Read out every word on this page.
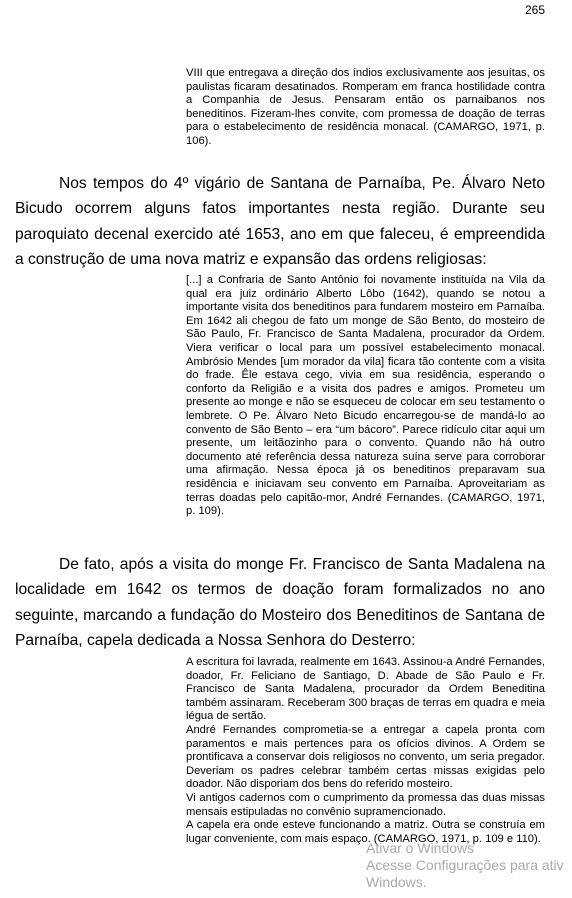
265

VIII que entregava a direção dos índios exclusivamente aos jesuítas, os paulistas ficaram desatinados. Romperam em franca hostilidade contra a Companhia de Jesus. Pensaram então os parnaibanos nos beneditinos. Fizeram-lhes convite, com promessa de doação de terras para o estabelecimento de residência monacal. (CAMARGO, 1971, p. 106).

Nos tempos do 4º vigário de Santana de Parnaíba, Pe. Álvaro Neto Bicudo ocorrem alguns fatos importantes nesta região. Durante seu paroquiato decenal exercido até 1653, ano em que faleceu, é empreendida a construção de uma nova matriz e expansão das ordens religiosas:

[...] a Confraria de Santo Antônio foi novamente instituída na Vila da qual era juiz ordinário Alberto Lôbo (1642), quando se notou a importante visita dos beneditinos para fundarem mosteiro em Parnaíba. Em 1642 ali chegou de fato um monge de São Bento, do mosteiro de São Paulo, Fr. Francisco de Santa Madalena, procurador da Ordem. Viera verificar o local para um possível estabelecimento monacal. Ambrósio Mendes [um morador da vila] ficara tão contente com a visita do frade. Êle estava cego, vivia em sua residência, esperando o conforto da Religião e a visita dos padres e amigos. Prometeu um presente ao monge e não se esqueceu de colocar em seu testamento o lembrete. O Pe. Álvaro Neto Bicudo encarregou-se de mandá-lo ao convento de São Bento – era “um bácoro”. Parece ridículo citar aqui um presente, um leitãozinho para o convento. Quando não há outro documento até referência dessa natureza suína serve para corroborar uma afirmação. Nessa época já os beneditinos preparavam sua residência e iniciavam seu convento em Parnaíba. Aproveitariam as terras doadas pelo capitão-mor, André Fernandes. (CAMARGO, 1971, p. 109).

De fato, após a visita do monge Fr. Francisco de Santa Madalena na localidade em 1642 os termos de doação foram formalizados no ano seguinte, marcando a fundação do Mosteiro dos Beneditinos de Santana de Parnaíba, capela dedicada a Nossa Senhora do Desterro:

A escritura foi lavrada, realmente em 1643. Assinou-a André Fernandes, doador, Fr. Feliciano de Santiago, D. Abade de São Paulo e Fr. Francisco de Santa Madalena, procurador da Ordem Beneditina também assinaram. Receberam 300 braças de terras em quadra e meia légua de sertão.

André Fernandes comprometia-se a entregar a capela pronta com paramentos e mais pertences para os ofícios divinos. A Ordem se prontificava a conservar dois religiosos no convento, um seria pregador. Deveriam os padres celebrar também certas missas exigidas pelo doador. Não disporiam dos bens do referido mosteiro.

Vi antigos cadernos com o cumprimento da promessa das duas missas mensais estipuladas no convênio supramencionado.

A capela era onde esteve funcionando a matriz. Outra se construía em lugar conveniente, com mais espaço. (CAMARGO, 1971, p. 109 e 110).

Ativar o Windows
Acesse Configurações para ativ
Windows.
